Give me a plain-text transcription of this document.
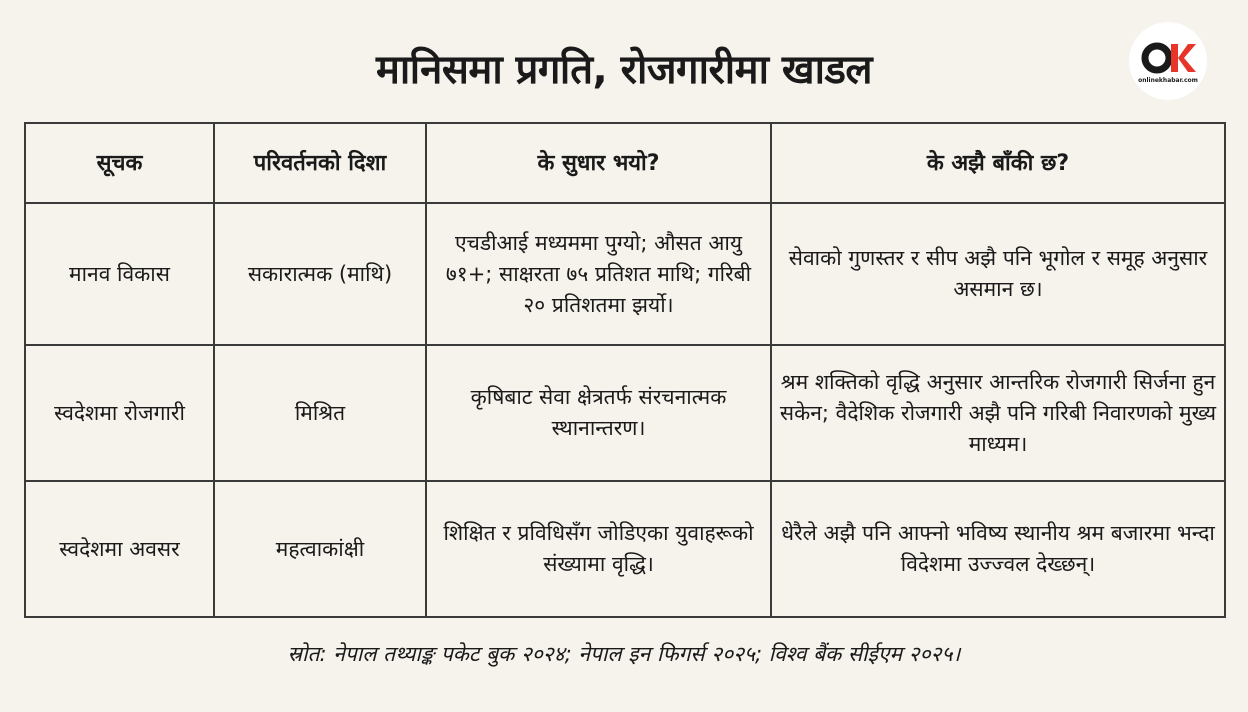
मानिसमा प्रगति, रोजगारीमा खाडल	onlinekhabar.com
सूचक	परिवर्तनको दिशा	के सुधार भयो?	के अझै बाँकी छ?
मानव विकास	सकारात्मक (माथि)	एचडीआई मध्यममा पुग्यो; औसत आयु ७१+; साक्षरता ७५ प्रतिशत माथि; गरिबी २० प्रतिशतमा झर्यो।	सेवाको गुणस्तर र सीप अझै पनि भूगोल र समूह अनुसार असमान छ।
स्वदेशमा रोजगारी	मिश्रित	कृषिबाट सेवा क्षेत्रतर्फ संरचनात्मक स्थानान्तरण।	श्रम शक्तिको वृद्धि अनुसार आन्तरिक रोजगारी सिर्जना हुन सकेन; वैदेशिक रोजगारी अझै पनि गरिबी निवारणको मुख्य माध्यम।
स्वदेशमा अवसर	महत्वाकांक्षी	शिक्षित र प्रविधिसँग जोडिएका युवाहरूको संख्यामा वृद्धि।	धेरैले अझै पनि आफ्नो भविष्य स्थानीय श्रम बजारमा भन्दा विदेशमा उज्ज्वल देख्छन्।
स्रोत: नेपाल तथ्याङ्क पकेट बुक २०२४; नेपाल इन फिगर्स २०२५; विश्व बैंक सीईएम २०२५।
